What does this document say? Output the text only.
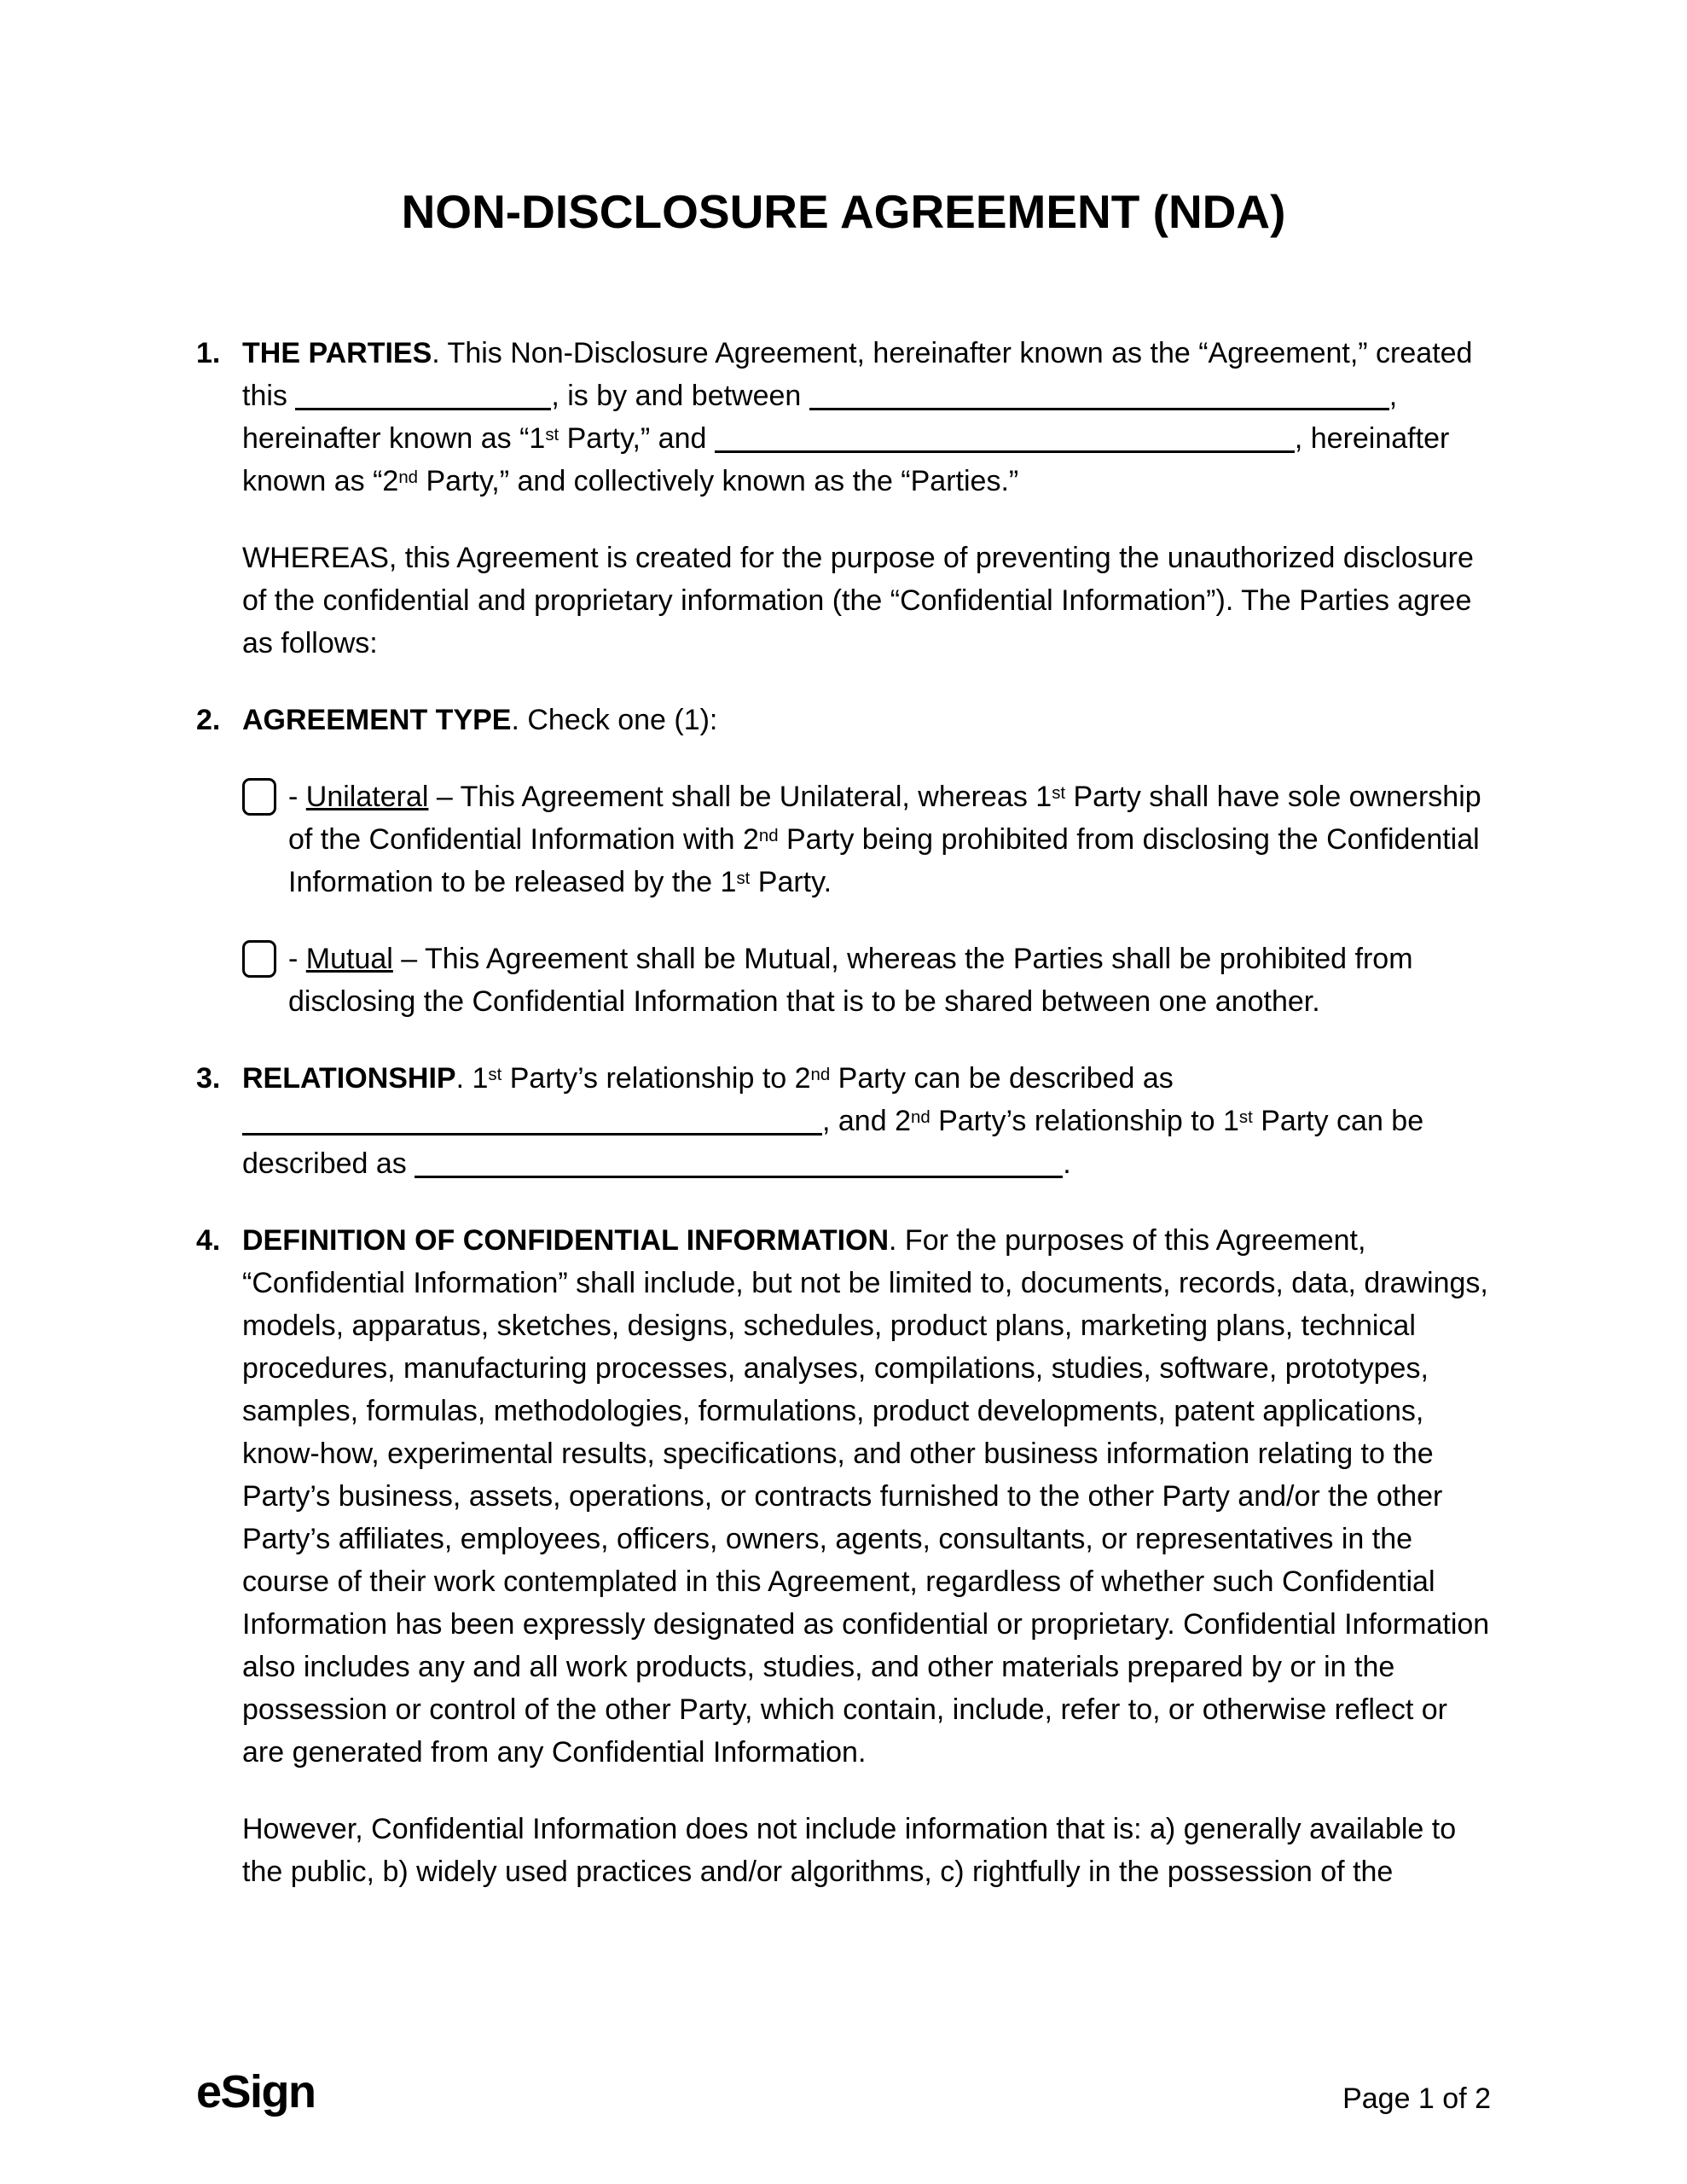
NON-DISCLOSURE AGREEMENT (NDA)
1. THE PARTIES. This Non-Disclosure Agreement, hereinafter known as the “Agreement,” created this	, is by and between	, hereinafter known as “1st Party,” and	, hereinafter known as “2nd Party,” and collectively known as the “Parties.”
WHEREAS, this Agreement is created for the purpose of preventing the unauthorized disclosure of the confidential and proprietary information (the “Confidential Information”). The Parties agree as follows:
2. AGREEMENT TYPE. Check one (1):
- Unilateral – This Agreement shall be Unilateral, whereas 1st Party shall have sole ownership of the Confidential Information with 2nd Party being prohibited from disclosing the Confidential Information to be released by the 1st Party.
- Mutual – This Agreement shall be Mutual, whereas the Parties shall be prohibited from disclosing the Confidential Information that is to be shared between one another.
3. RELATIONSHIP. 1st Party’s relationship to 2nd Party can be described as , and 2nd Party’s relationship to 1st Party can be described as	.
4. DEFINITION OF CONFIDENTIAL INFORMATION. For the purposes of this Agreement, “Confidential Information” shall include, but not be limited to, documents, records, data, drawings, models, apparatus, sketches, designs, schedules, product plans, marketing plans, technical procedures, manufacturing processes, analyses, compilations, studies, software, prototypes, samples, formulas, methodologies, formulations, product developments, patent applications, know-how, experimental results, specifications, and other business information relating to the Party’s business, assets, operations, or contracts furnished to the other Party and/or the other Party’s affiliates, employees, officers, owners, agents, consultants, or representatives in the course of their work contemplated in this Agreement, regardless of whether such Confidential Information has been expressly designated as confidential or proprietary. Confidential Information also includes any and all work products, studies, and other materials prepared by or in the possession or control of the other Party, which contain, include, refer to, or otherwise reflect or are generated from any Confidential Information.
However, Confidential Information does not include information that is: a) generally available to the public, b) widely used practices and/or algorithms, c) rightfully in the possession of the
eSign	Page 1 of 2
